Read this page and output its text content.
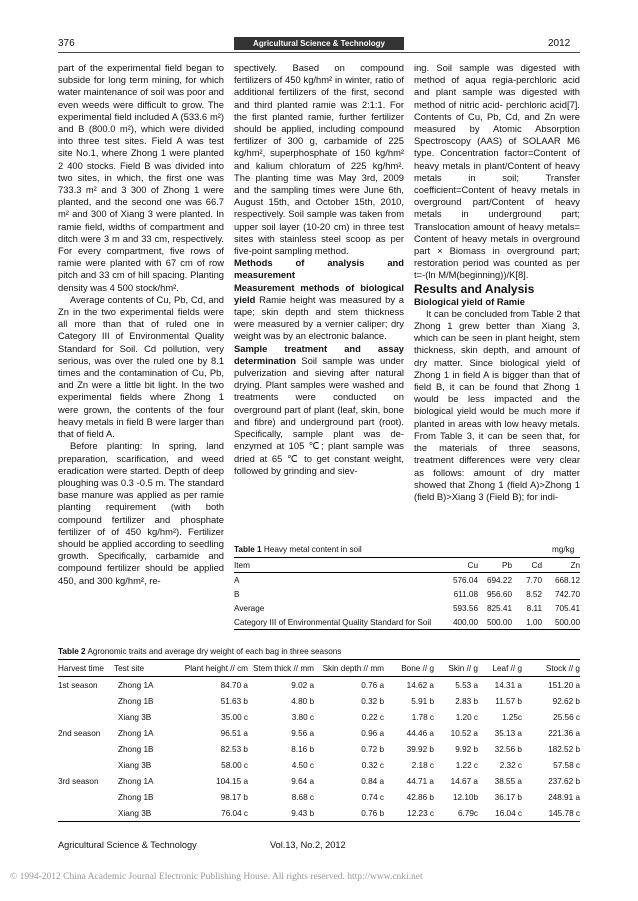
376	Agricultural Science & Technology	2012

part of the experimental field began to subside for long term mining, for which water maintenance of soil was poor and even weeds were difficult to grow. The experimental field included A (533.6 m²) and B (800.0 m²), which were divided into three test sites. Field A was test site No.1, where Zhong 1 were planted 2 400 stocks. Field B was divided into two sites, in which, the first one was 733.3 m² and 3 300 of Zhong 1 were planted, and the second one was 66.7 m² and 300 of Xiang 3 were planted. In ramie field, widths of compartment and ditch were 3 m and 33 cm, respectively. For every compartment, five rows of ramie were planted with 67 cm of row pitch and 33 cm of hill spacing. Planting density was 4 500 stock/hm².

Average contents of Cu, Pb, Cd, and Zn in the two experimental fields were all more than that of ruled one in Category III of Environmental Quality Standard for Soil. Cd pollution, very serious, was over the ruled one by 8.1 times and the contamination of Cu, Pb, and Zn were a little bit light. In the two experimental fields where Zhong 1 were grown, the contents of the four heavy metals in field B were larger than that of field A.

Before planting: In spring, land preparation, scarification, and weed eradication were started. Depth of deep ploughing was 0.3 -0.5 m. The standard base manure was applied as per ramie planting requirement (with both compound fertilizer and phosphate fertilizer of of 450 kg/hm²). Fertilizer should be applied according to seedling growth. Specifically, carbamide and compound fertilizer should be applied 450, and 300 kg/hm², re-

spectively. Based on compound fertilizers of 450 kg/hm² in winter, ratio of additional fertilizers of the first, second and third planted ramie was 2:1:1. For the first planted ramie, further fertilizer should be applied, including compound fertilizer of 300 g, carbamide of 225 kg/hm², superphosphate of 150 kg/hm² and kalium chloratum of 225 kg/hm². The planting time was May 3rd, 2009 and the sampling times were June 6th, August 15th, and October 15th, 2010, respectively. Soil sample was taken from upper soil layer (10-20 cm) in three test sites with stainless steel scoop as per five-point sampling method.

Methods of analysis and measurement

Measurement methods of biological yield Ramie height was measured by a tape; skin depth and stem thickness were measured by a vernier caliper; dry weight was by an electronic balance.

Sample treatment and assay determination Soil sample was under pulverization and sieving after natural drying. Plant samples were washed and treatments were conducted on overground part of plant (leaf, skin, bone and fibre) and underground part (root). Specifically, sample plant was de-enzymed at 105 ℃; plant sample was dried at 65 ℃ to get constant weight, followed by grinding and siev-

ing. Soil sample was digested with method of aqua regia-perchloric acid and plant sample was digested with method of nitric acid- perchloric acid[7]. Contents of Cu, Pb, Cd, and Zn were measured by Atomic Absorption Spectroscopy (AAS) of SOLAAR M6 type. Concentration factor=Content of heavy metals in plant/Content of heavy metals in soil; Transfer coefficient=Content of heavy metals in overground part/Content of heavy metals in underground part; Translocation amount of heavy metals= Content of heavy metals in overground part × Biomass in overground part; restoration period was counted as per t=-(ln M/M(beginning))/K[8].

Results and Analysis

Biological yield of Ramie

It can be concluded from Table 2 that Zhong 1 grew better than Xiang 3, which can be seen in plant height, stem thickness, skin depth, and amount of dry matter. Since biological yield of Zhong 1 in field A is bigger than that of field B, it can be found that Zhong 1 would be less impacted and the biological yield would be much more if planted in areas with low heavy metals. From Table 3, it can be seen that, for the materials of three seasons, treatment differences were very clear as follows: amount of dry matter showed that Zhong 1 (field A)>Zhong 1 (field B)>Xiang 3 (Field B); for indi-

Table 1 Heavy metal content in soil	mg/kg
Item	Cu	Pb	Cd	Zn
A	576.04	694.22	7.70	668.12
B	611.08	956.60	8.52	742.70
Average	593.56	825.41	8.11	705.41
Category III of Environmental Quality Standard for Soil	400.00	500.00	1.00	500.00
Table 2 Agronomic traits and average dry weight of each bag in three seasons
Harvest time	Test site	Plant height // cm	Stem thick // mm	Skin depth // mm	Bone // g	Skin // g	Leaf // g	Stock // g
1st season	Zhong 1A	84.70 a	9.02 a	0.76 a	14.62 a	5.53 a	14.31 a	151.20 a
	Zhong 1B	51.63 b	4.80 b	0.32 b	5.91 b	2.83 b	11.57 b	92.62 b
	Xiang 3B	35.00 c	3.80 c	0.22 c	1.78 c	1.20 c	1.25c	25.56 c
2nd season	Zhong 1A	96.51 a	9.56 a	0.96 a	44.46 a	10.52 a	35.13 a	221.36 a
	Zhong 1B	82.53 b	8.16 b	0.72 b	39.92 b	9.92 b	32.56 b	182.52 b
	Xiang 3B	58.00 c	4.50 c	0.32 c	2.18 c	1.22 c	2.32 c	57.58 c
3rd season	Zhong 1A	104.15 a	9.64 a	0.84 a	44.71 a	14.67 a	38.55 a	237.62 b
	Zhong 1B	98.17 b	8.68 c	0.74 c	42.86 b	12.10b	36.17 b	248.91 a
	Xiang 3B	76.04 c	9.43 b	0.76 b	12.23 c	6.79c	16.04 c	145.78 c
Agricultural Science & Technology	Vol.13, No.2, 2012
© 1994-2012 China Academic Journal Electronic Publishing House. All rights reserved. http://www.cnki.net
